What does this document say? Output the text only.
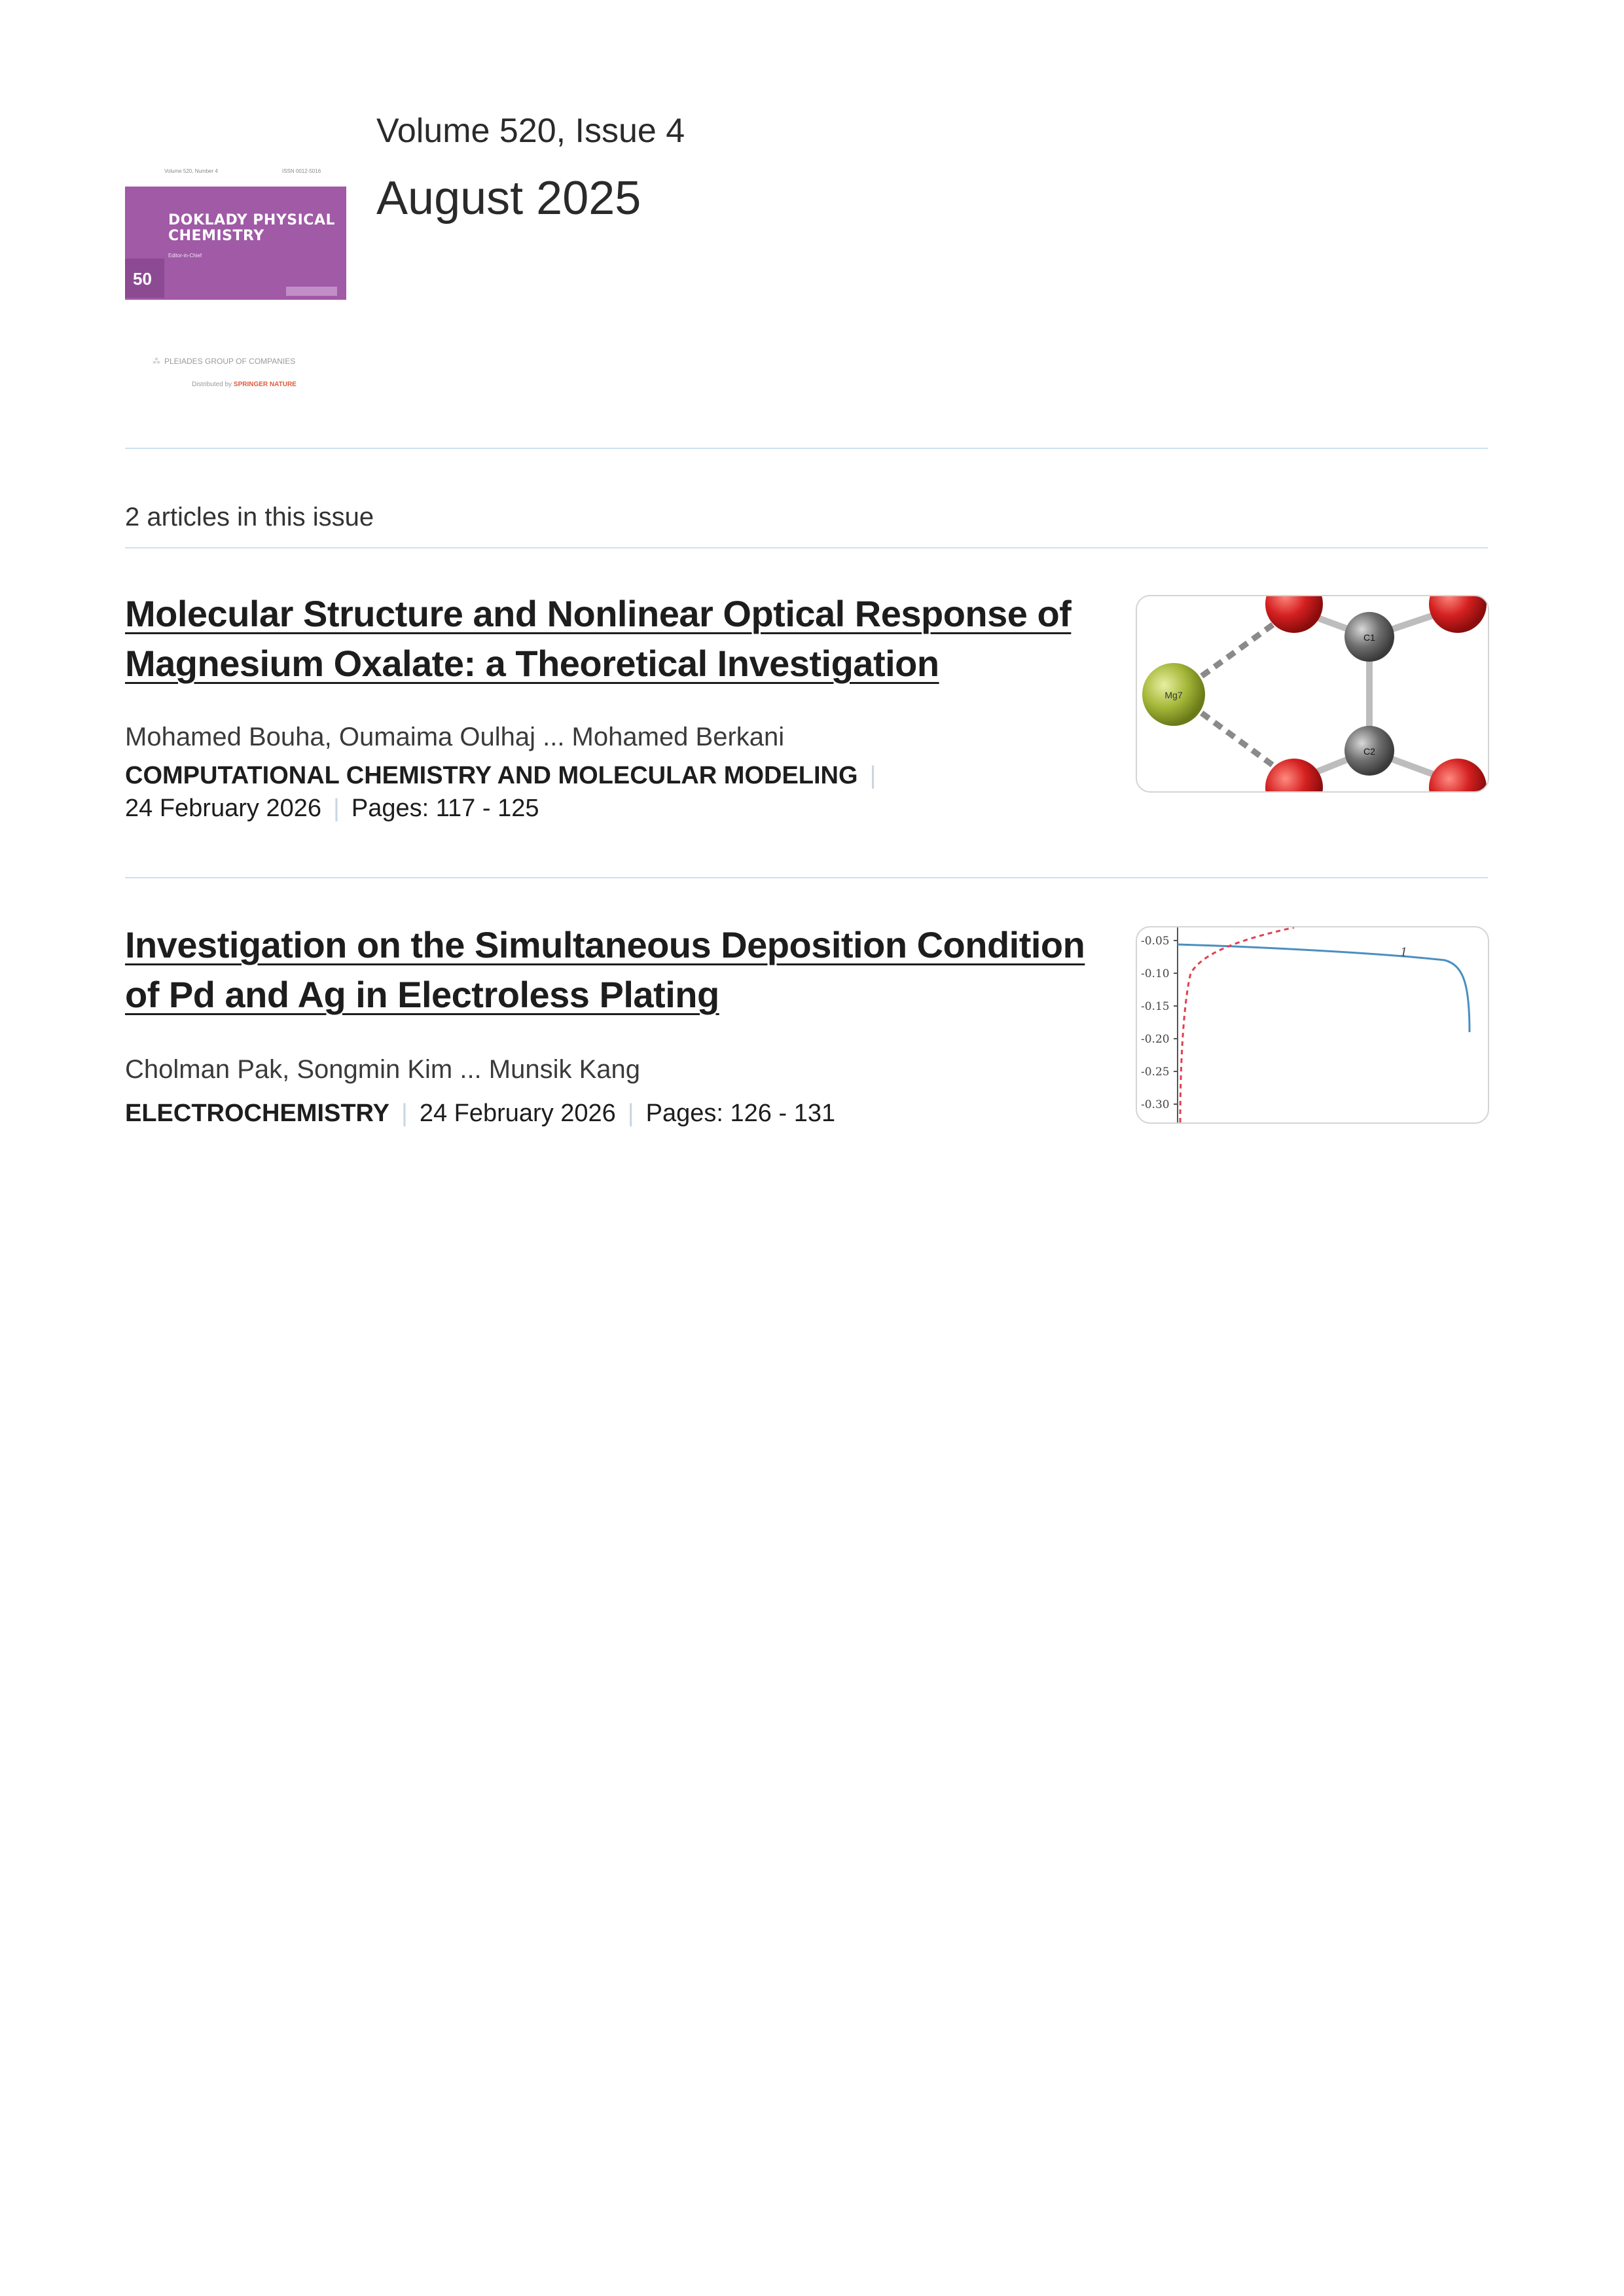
Volume 520, Number 4	ISSN 0012-5016
DOKLADY PHYSICAL CHEMISTRY
Editor-in-Chief
50
⁂ PLEIADES GROUP OF COMPANIES
Distributed by SPRINGER NATURE
Volume 520, Issue 4
August 2025
2 articles in this issue
Molecular Structure and Nonlinear Optical Response of Magnesium Oxalate: a Theoretical Investigation
Mohamed Bouha, Oumaima Oulhaj ... Mohamed Berkani
COMPUTATIONAL CHEMISTRY AND MOLECULAR MODELING |
24 February 2026 | Pages: 117 - 125
Mg7
C1
C2
Investigation on the Simultaneous Deposition Condition of Pd and Ag in Electroless Plating
Cholman Pak, Songmin Kim ... Munsik Kang
ELECTROCHEMISTRY | 24 February 2026 | Pages: 126 - 131
-0.05
-0.10
-0.15
-0.20
-0.25
-0.30
1
